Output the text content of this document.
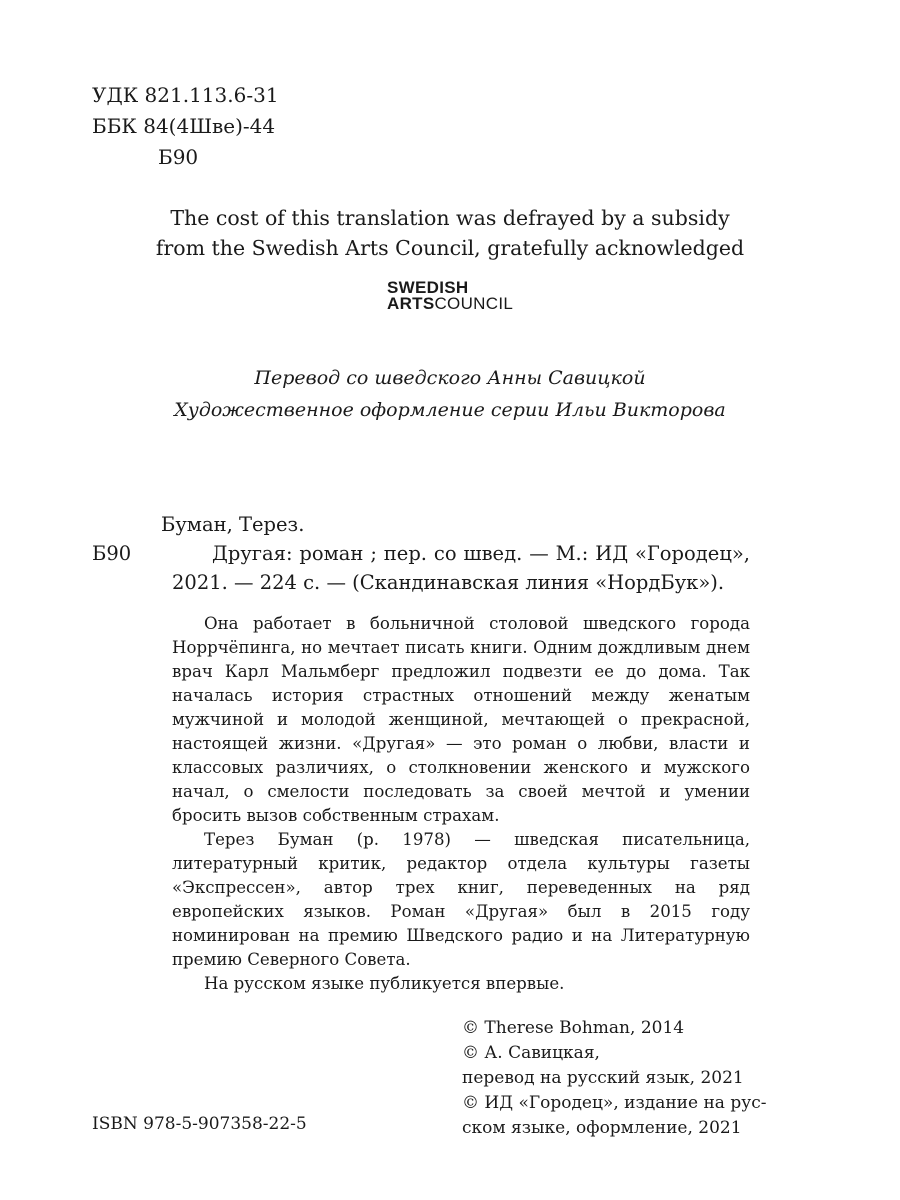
УДК 821.113.6-31
ББК 84(4Шве)-44
Б90
The cost of this translation was defrayed by a subsidy
from the Swedish Arts Council, gratefully acknowledged
SWEDISH
ARTSCOUNCIL
Перевод со шведского Анны Савицкой
Художественное оформление серии Ильи Викторова
Буман, Терез.
Б90	Другая: роман ; пер. со швед. — М.: ИД «Городец»,
2021. — 224 с. — (Скандинавская линия «НордБук»).

Она работает в больничной столовой шведского города Норрчёпинга, но мечтает писать книги. Одним дождливым днем врач Карл Мальмберг предложил подвезти ее до дома. Так началась история страстных отношений между женатым мужчиной и молодой женщиной, мечтающей о прекрасной, настоящей жизни. «Другая» — это роман о любви, власти и классовых различиях, о столкновении женского и мужского начал, о смелости последовать за своей мечтой и умении бросить вызов собственным страхам.

Терез Буман (р. 1978) — шведская писательница, литературный критик, редактор отдела культуры газеты «Экспрессен», автор трех книг, переведенных на ряд европейских языков. Роман «Другая» был в 2015 году номинирован на премию Шведского радио и на Литературную премию Северного Совета.

На русском языке публикуется впервые.

© Therese Bohman, 2014
© А. Савицкая,
перевод на русский язык, 2021
© ИД «Городец», издание на рус-
ском языке, оформление, 2021
ISBN 978-5-907358-22-5
